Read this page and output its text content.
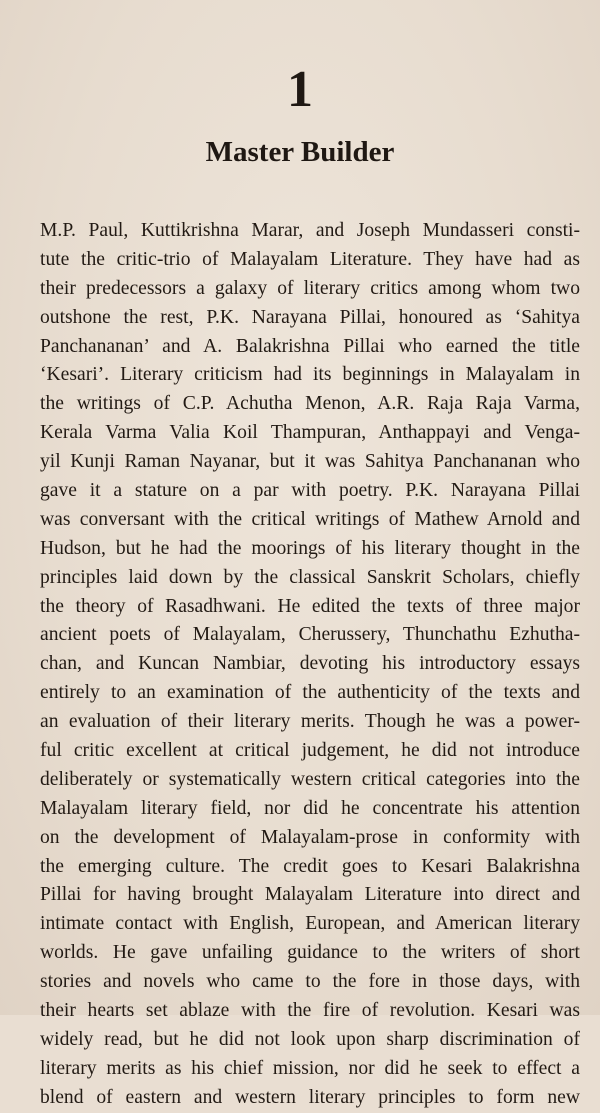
1
Master Builder
M.P. Paul, Kuttikrishna Marar, and Joseph Mundasseri consti-
tute the critic-trio of Malayalam Literature. They have had as
their predecessors a galaxy of literary critics among whom two
outshone the rest, P.K. Narayana Pillai, honoured as ‘Sahitya
Panchananan’ and A. Balakrishna Pillai who earned the title
‘Kesari’. Literary criticism had its beginnings in Malayalam in
the writings of C.P. Achutha Menon, A.R. Raja Raja Varma,
Kerala Varma Valia Koil Thampuran, Anthappayi and Venga-
yil Kunji Raman Nayanar, but it was Sahitya Panchananan who
gave it a stature on a par with poetry. P.K. Narayana Pillai
was conversant with the critical writings of Mathew Arnold and
Hudson, but he had the moorings of his literary thought in the
principles laid down by the classical Sanskrit Scholars, chiefly
the theory of Rasadhwani. He edited the texts of three major
ancient poets of Malayalam, Cherussery, Thunchathu Ezhutha-
chan, and Kuncan Nambiar, devoting his introductory essays
entirely to an examination of the authenticity of the texts and
an evaluation of their literary merits. Though he was a power-
ful critic excellent at critical judgement, he did not introduce
deliberately or systematically western critical categories into the
Malayalam literary field, nor did he concentrate his attention
on the development of Malayalam-prose in conformity with
the emerging culture. The credit goes to Kesari Balakrishna
Pillai for having brought Malayalam Literature into direct and
intimate contact with English, European, and American literary
worlds. He gave unfailing guidance to the writers of short
stories and novels who came to the fore in those days, with
their hearts set ablaze with the fire of revolution. Kesari was
widely read, but he did not look upon sharp discrimination of
literary merits as his chief mission, nor did he seek to effect a
blend of eastern and western literary principles to form new
